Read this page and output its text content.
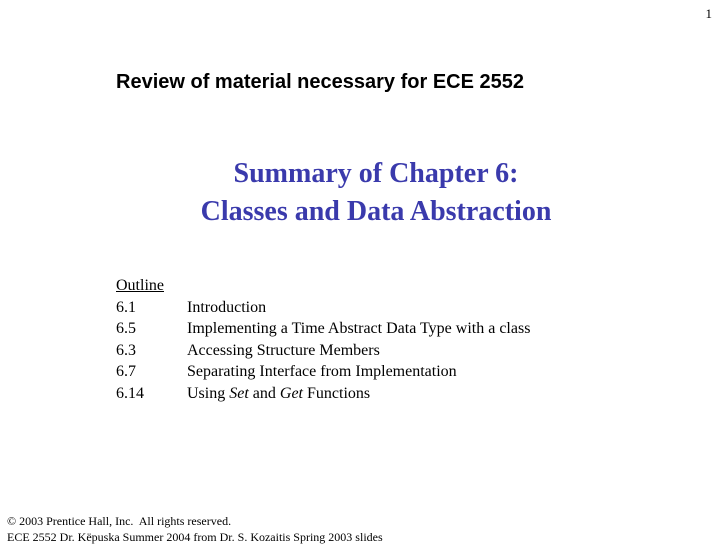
1
Review of material necessary for ECE 2552
Summary of Chapter 6:
Classes and Data Abstraction
Outline
6.1	Introduction
6.5	Implementing a Time Abstract Data Type with a class
6.3	Accessing Structure Members
6.7	Separating Interface from Implementation
6.14	Using Set and Get Functions
© 2003 Prentice Hall, Inc.  All rights reserved.
ECE 2552 Dr. Këpuska Summer 2004 from Dr. S. Kozaitis Spring 2003 slides
